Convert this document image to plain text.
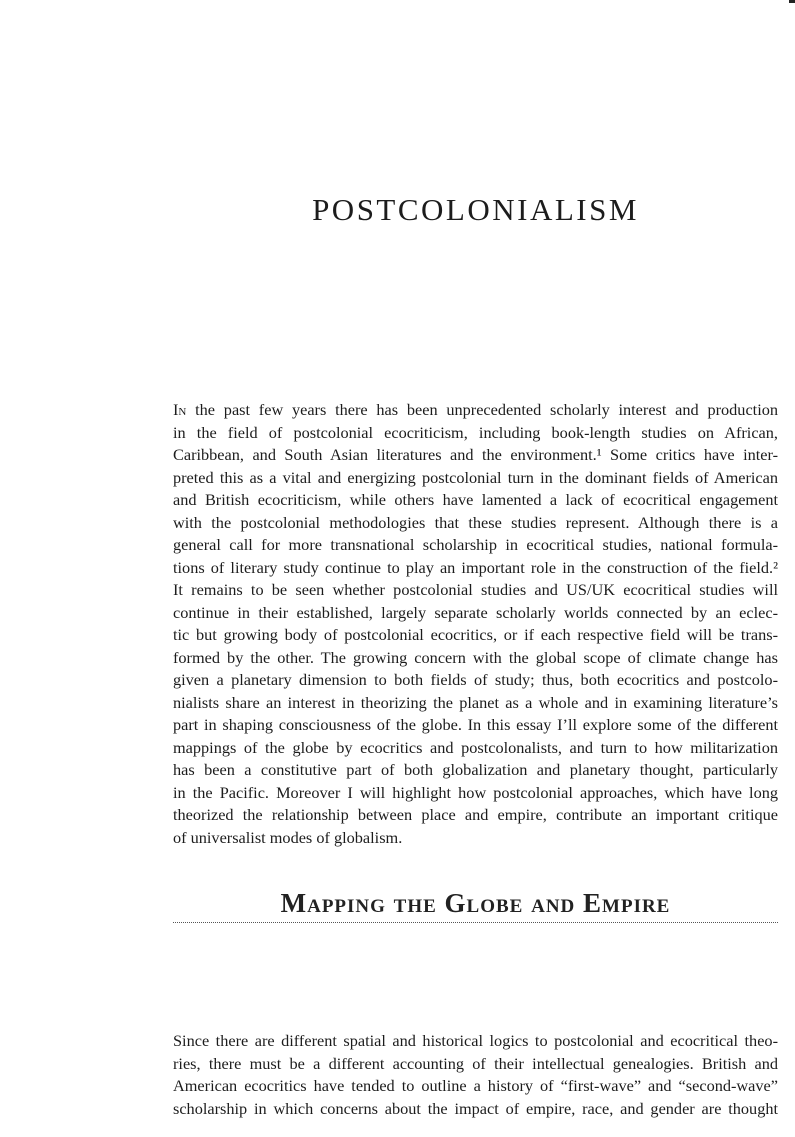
POSTCOLONIALISM
In the past few years there has been unprecedented scholarly interest and production
in the field of postcolonial ecocriticism, including book-length studies on African,
Caribbean, and South Asian literatures and the environment.¹ Some critics have inter-
preted this as a vital and energizing postcolonial turn in the dominant fields of American
and British ecocriticism, while others have lamented a lack of ecocritical engagement
with the postcolonial methodologies that these studies represent. Although there is a
general call for more transnational scholarship in ecocritical studies, national formula-
tions of literary study continue to play an important role in the construction of the field.²
It remains to be seen whether postcolonial studies and US/UK ecocritical studies will
continue in their established, largely separate scholarly worlds connected by an eclec-
tic but growing body of postcolonial ecocritics, or if each respective field will be trans-
formed by the other. The growing concern with the global scope of climate change has
given a planetary dimension to both fields of study; thus, both ecocritics and postcolo-
nialists share an interest in theorizing the planet as a whole and in examining literature’s
part in shaping consciousness of the globe. In this essay I’ll explore some of the different
mappings of the globe by ecocritics and postcolonalists, and turn to how militarization
has been a constitutive part of both globalization and planetary thought, particularly
in the Pacific. Moreover I will highlight how postcolonial approaches, which have long
theorized the relationship between place and empire, contribute an important critique
of universalist modes of globalism.
Mapping the Globe and Empire
Since there are different spatial and historical logics to postcolonial and ecocritical theo-
ries, there must be a different accounting of their intellectual genealogies. British and
American ecocritics have tended to outline a history of “first-wave” and “second-wave”
scholarship in which concerns about the impact of empire, race, and gender are thought
